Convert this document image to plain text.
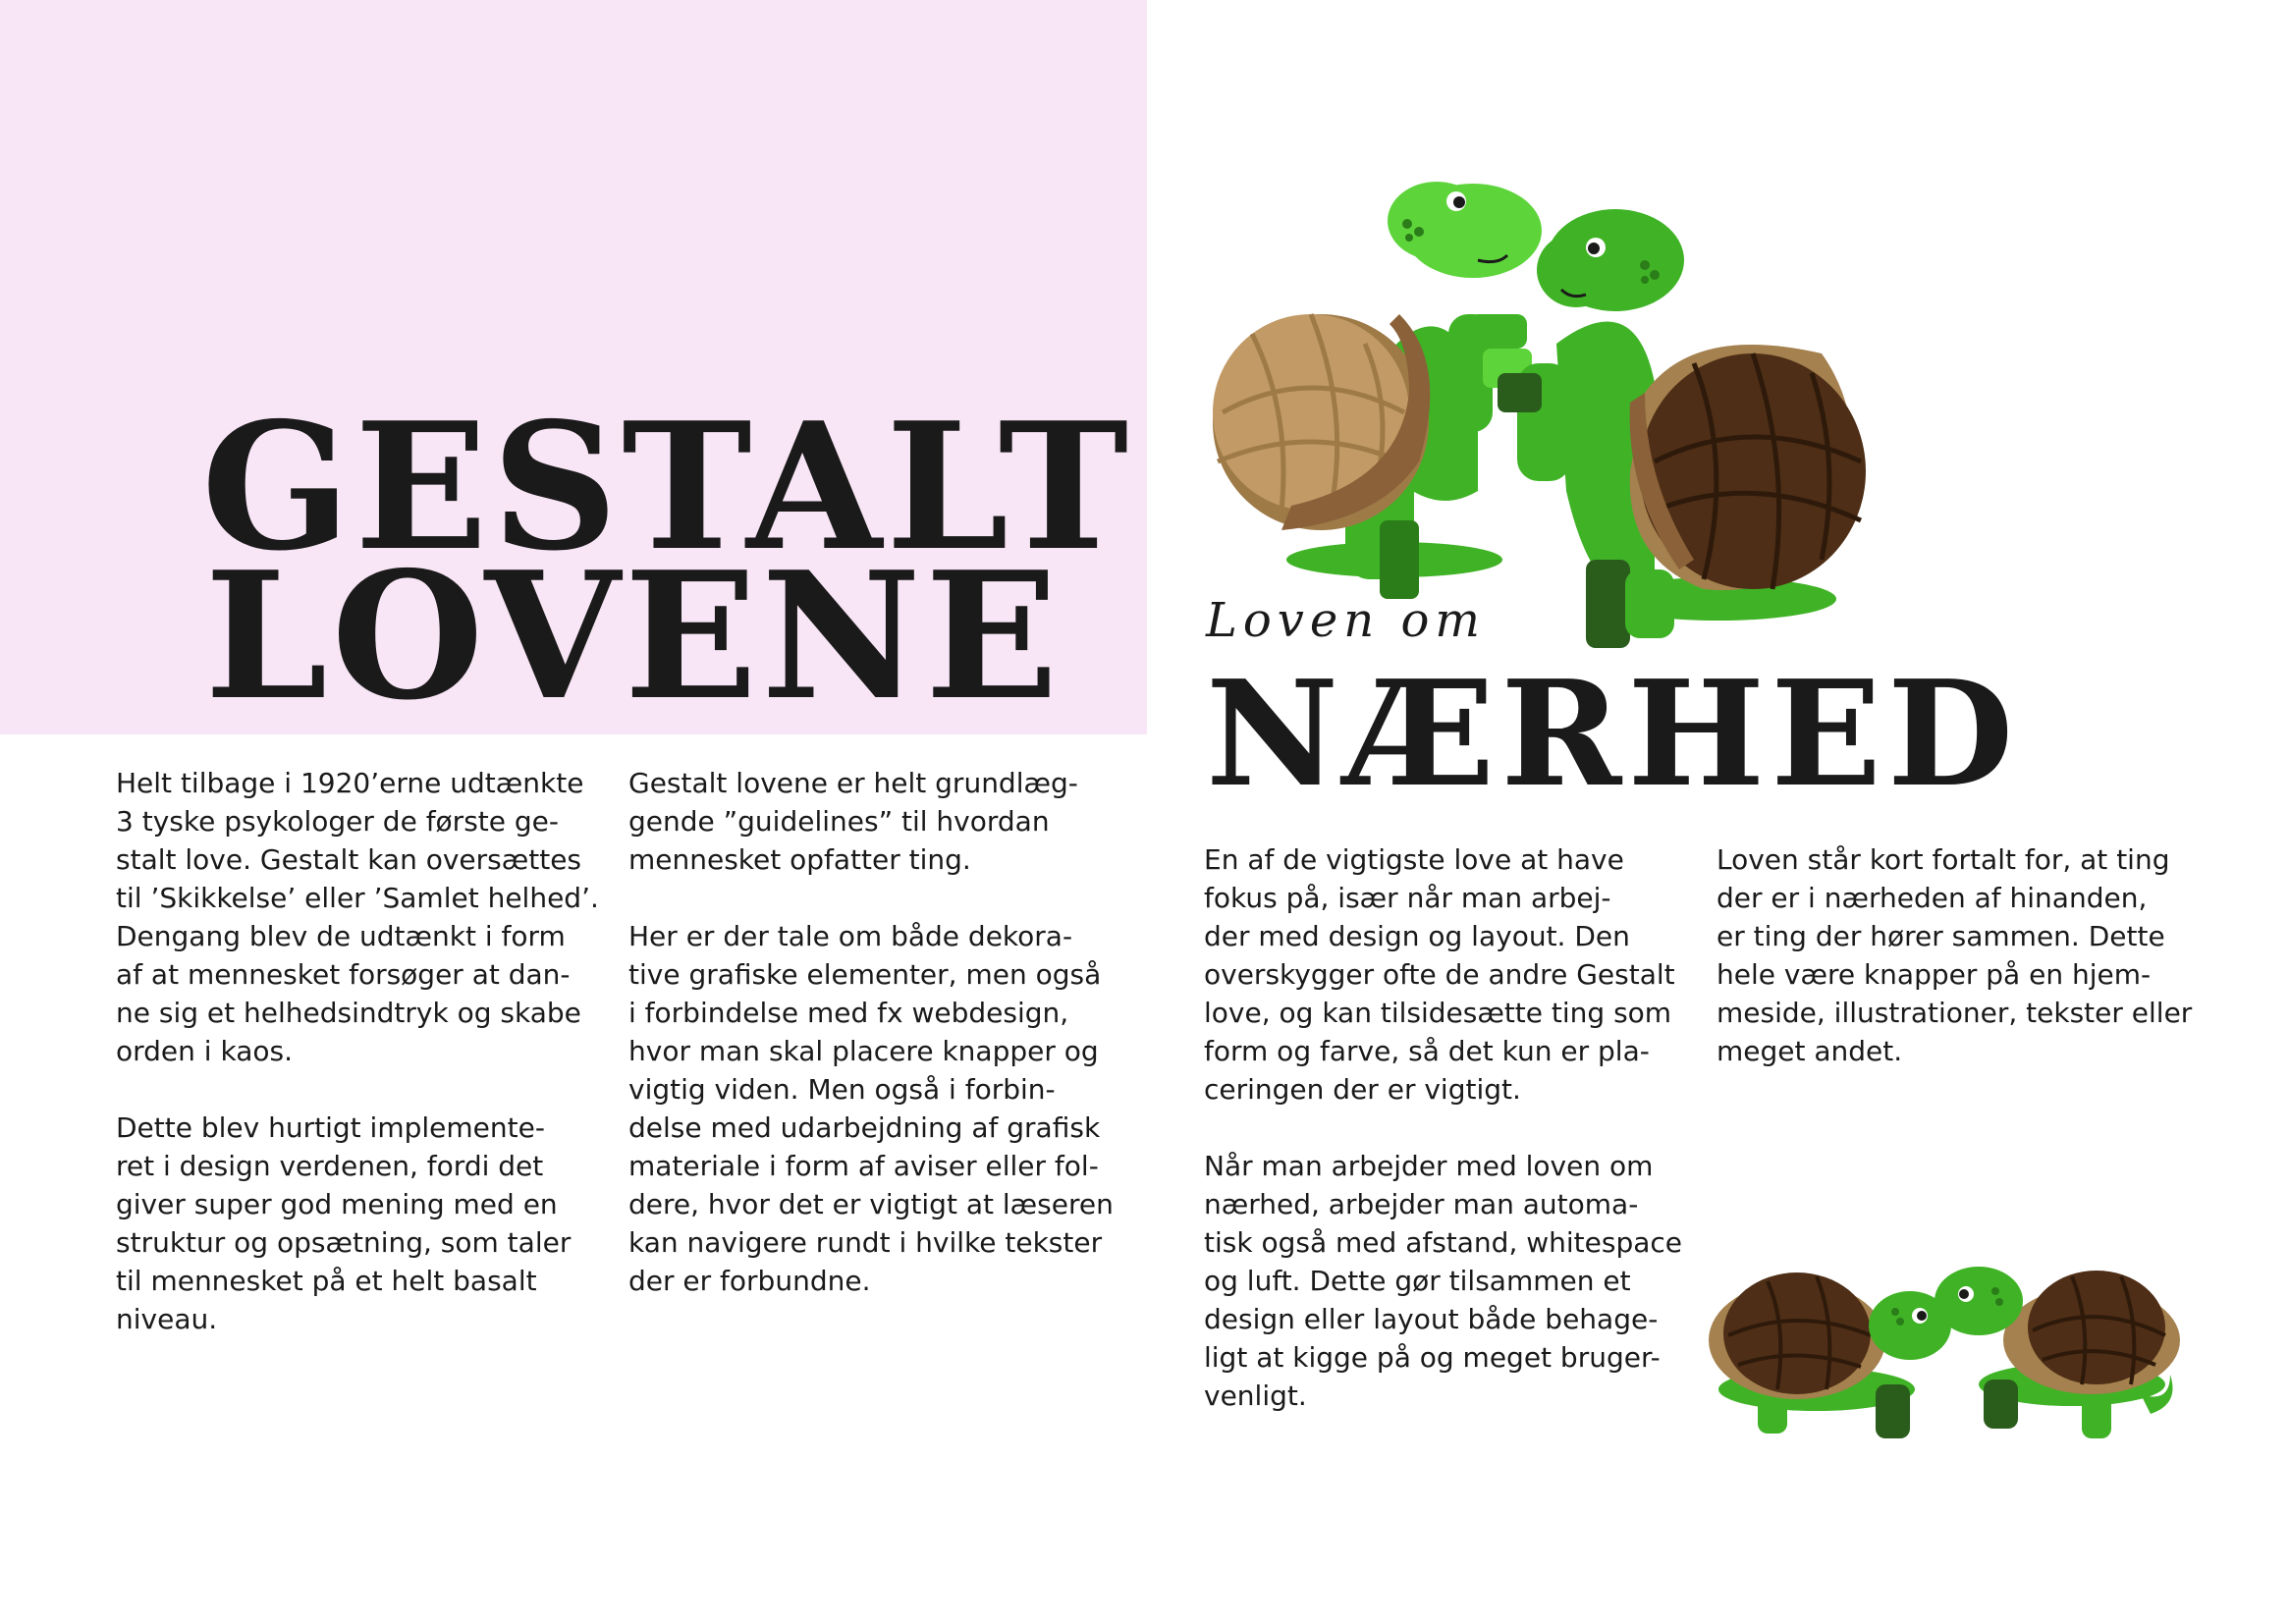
GESTALT
LOVENE

Helt tilbage i 1920’erne udtænkte
3 tyske psykologer de første ge-
stalt love. Gestalt kan oversættes
til ’Skikkelse’ eller ’Samlet helhed’.
Dengang blev de udtænkt i form
af at mennesket forsøger at dan-
ne sig et helhedsindtryk og skabe
orden i kaos.

Dette blev hurtigt implemente-
ret i design verdenen, fordi det
giver super god mening med en
struktur og opsætning, som taler
til mennesket på et helt basalt
niveau.

Gestalt lovene er helt grundlæg-
gende ”guidelines” til hvordan
mennesket opfatter ting.

Her er der tale om både dekora-
tive grafiske elementer, men også
i forbindelse med fx webdesign,
hvor man skal placere knapper og
vigtig viden. Men også i forbin-
delse med udarbejdning af grafisk
materiale i form af aviser eller fol-
dere, hvor det er vigtigt at læseren
kan navigere rundt i hvilke tekster
der er forbundne.

Loven om
NÆRHED

En af de vigtigste love at have
fokus på, især når man arbej-
der med design og layout. Den
overskygger ofte de andre Gestalt
love, og kan tilsidesætte ting som
form og farve, så det kun er pla-
ceringen der er vigtigt.

Når man arbejder med loven om
nærhed, arbejder man automa-
tisk også med afstand, whitespace
og luft. Dette gør tilsammen et
design eller layout både behage-
ligt at kigge på og meget bruger-
venligt.

Loven står kort fortalt for, at ting
der er i nærheden af hinanden,
er ting der hører sammen. Dette
hele være knapper på en hjem-
meside, illustrationer, tekster eller
meget andet.
